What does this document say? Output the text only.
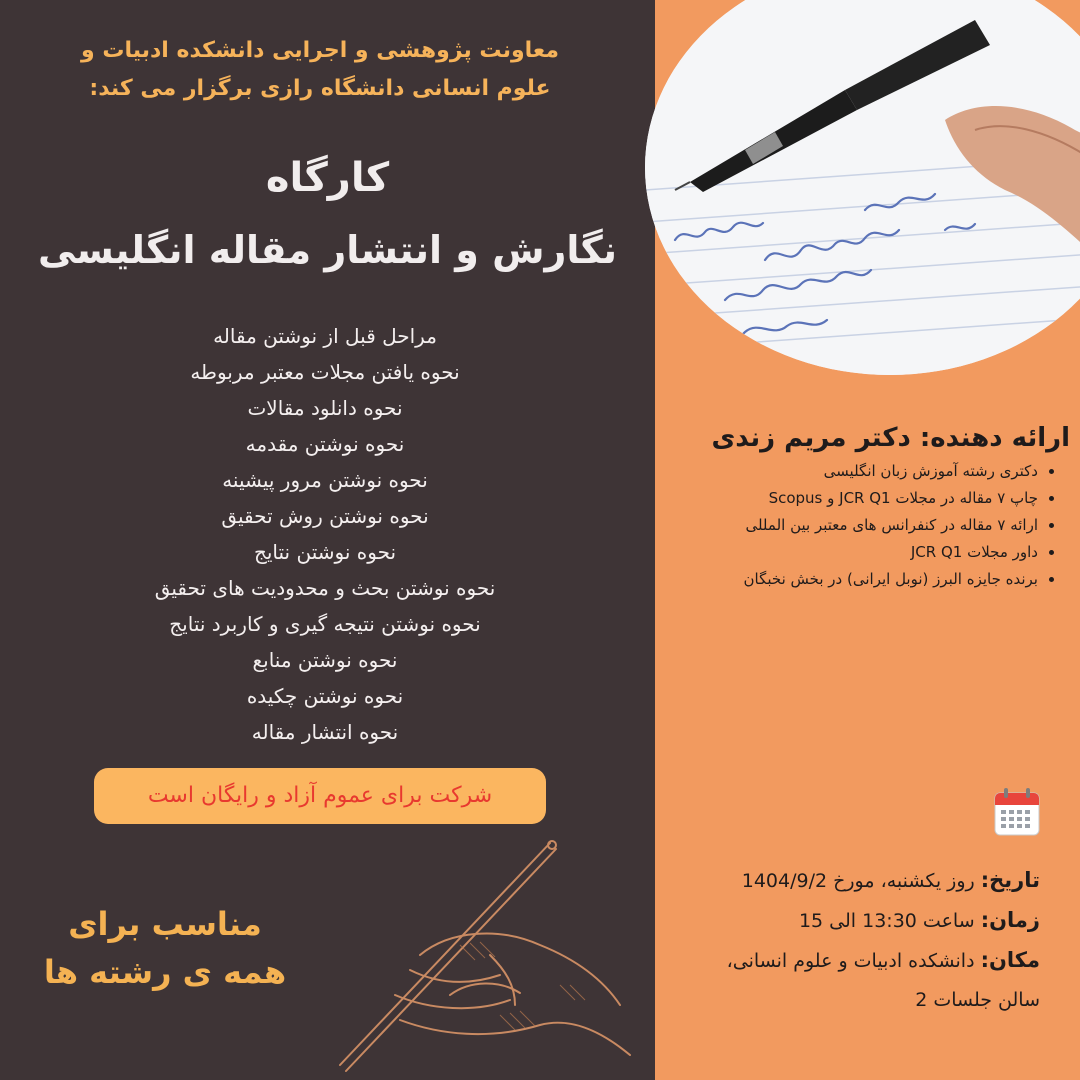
معاونت پژوهشی و اجرایی دانشکده ادبیات و
علوم انسانی دانشگاه رازی برگزار می کند:
کارگاه
نگارش و انتشار مقاله انگلیسی
مراحل قبل از نوشتن مقاله
نحوه یافتن مجلات معتبر مربوطه
نحوه دانلود مقالات
نحوه نوشتن مقدمه
نحوه نوشتن مرور پیشینه
نحوه نوشتن روش تحقیق
نحوه نوشتن نتایج
نحوه نوشتن بحث و محدودیت های تحقیق
نحوه نوشتن نتیجه گیری و کاربرد نتایج
نحوه نوشتن منابع
نحوه نوشتن چکیده
نحوه انتشار مقاله
شرکت برای عموم آزاد و رایگان است
مناسب برای
همه ی رشته ها
ارائه دهنده: دکتر مریم زندی
• دکتری رشته آموزش زبان انگلیسی
• چاپ ۷ مقاله در مجلات JCR Q1 و Scopus
• ارائه ۷ مقاله در کنفرانس های معتبر بین المللی
• داور مجلات JCR Q1
• برنده جایزه البرز (نوبل ایرانی) در بخش نخبگان
تاریخ: روز یکشنبه، مورخ 1404/9/2
زمان: ساعت 13:30 الی 15
مکان: دانشکده ادبیات و علوم انسانی،
سالن جلسات 2
